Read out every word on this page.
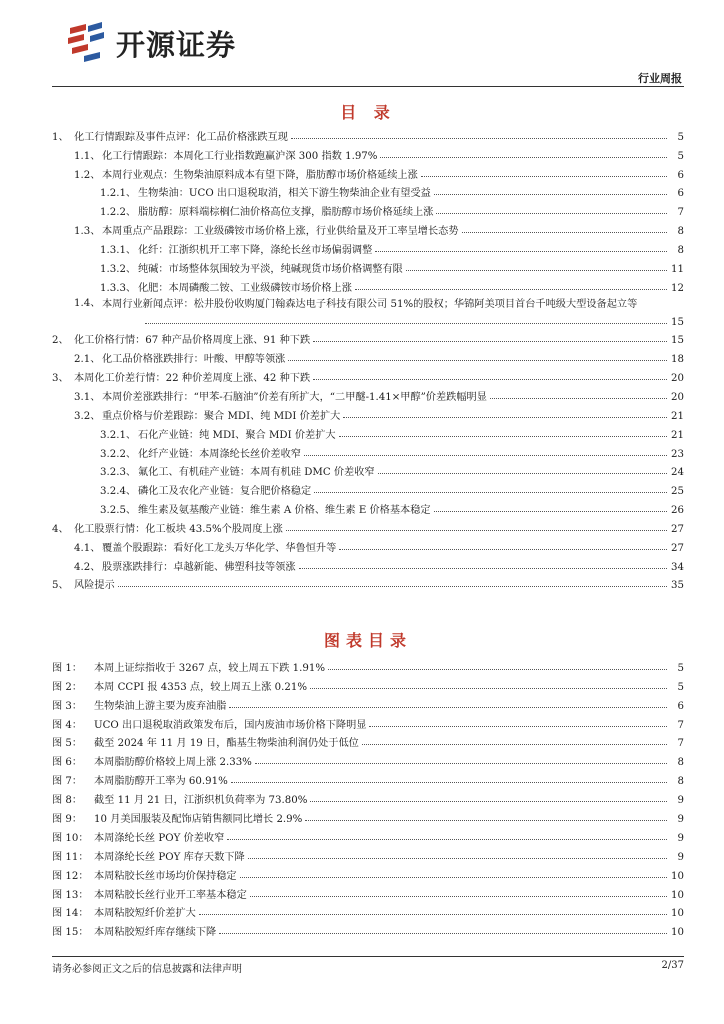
开源证券
行业周报
目 录
1、 化工行情跟踪及事件点评：化工品价格涨跌互现	5
1.1、 化工行情跟踪：本周化工行业指数跑赢沪深 300 指数 1.97%	5
1.2、 本周行业观点：生物柴油原料成本有望下降，脂肪醇市场价格延续上涨	6
1.2.1、 生物柴油：UCO 出口退税取消，相关下游生物柴油企业有望受益	6
1.2.2、 脂肪醇：原料端棕榈仁油价格高位支撑，脂肪醇市场价格延续上涨	7
1.3、 本周重点产品跟踪：工业级磷铵市场价格上涨，行业供给量及开工率呈增长态势	8
1.3.1、 化纤：江浙织机开工率下降，涤纶长丝市场偏弱调整	8
1.3.2、 纯碱：市场整体氛围较为平淡，纯碱现货市场价格调整有限	11
1.3.3、 化肥：本周磷酸二铵、工业级磷铵市场价格上涨	12
1.4、 本周行业新闻点评：松井股份收购厦门翰森达电子科技有限公司 51%的股权；华锦阿美项目首台千吨级大型设备起立等
15
2、 化工价格行情：67 种产品价格周度上涨、91 种下跌	15
2.1、 化工品价格涨跌排行：叶酸、甲醇等领涨	18
3、 本周化工价差行情：22 种价差周度上涨、42 种下跌	20
3.1、 本周价差涨跌排行：“甲苯-石脑油”价差有所扩大，“二甲醚-1.41×甲醇”价差跌幅明显	20
3.2、 重点价格与价差跟踪：聚合 MDI、纯 MDI 价差扩大	21
3.2.1、 石化产业链：纯 MDI、聚合 MDI 价差扩大	21
3.2.2、 化纤产业链：本周涤纶长丝价差收窄	23
3.2.3、 氟化工、有机硅产业链：本周有机硅 DMC 价差收窄	24
3.2.4、 磷化工及农化产业链：复合肥价格稳定	25
3.2.5、 维生素及氨基酸产业链：维生素 A 价格、维生素 E 价格基本稳定	26
4、 化工股票行情：化工板块 43.5%个股周度上涨	27
4.1、 覆盖个股跟踪：看好化工龙头万华化学、华鲁恒升等	27
4.2、 股票涨跌排行：卓越新能、佛塑科技等领涨	34
5、 风险提示	35
图表目录
图 1：	本周上证综指收于 3267 点，较上周五下跌 1.91%	5
图 2：	本周 CCPI 报 4353 点，较上周五上涨 0.21%	5
图 3：	生物柴油上游主要为废弃油脂	6
图 4：	UCO 出口退税取消政策发布后，国内废油市场价格下降明显	7
图 5：	截至 2024 年 11 月 19 日，酯基生物柴油利润仍处于低位	7
图 6：	本周脂肪醇价格较上周上涨 2.33%	8
图 7：	本周脂肪醇开工率为 60.91%	8
图 8：	截至 11 月 21 日，江浙织机负荷率为 73.80%	9
图 9：	10 月美国服装及配饰店销售额同比增长 2.9%	9
图 10： 本周涤纶长丝 POY 价差收窄	9
图 11： 本周涤纶长丝 POY 库存天数下降	9
图 12： 本周粘胶长丝市场均价保持稳定	10
图 13： 本周粘胶长丝行业开工率基本稳定	10
图 14： 本周粘胶短纤价差扩大	10
图 15： 本周粘胶短纤库存继续下降	10
请务必参阅正文之后的信息披露和法律声明	2/37
